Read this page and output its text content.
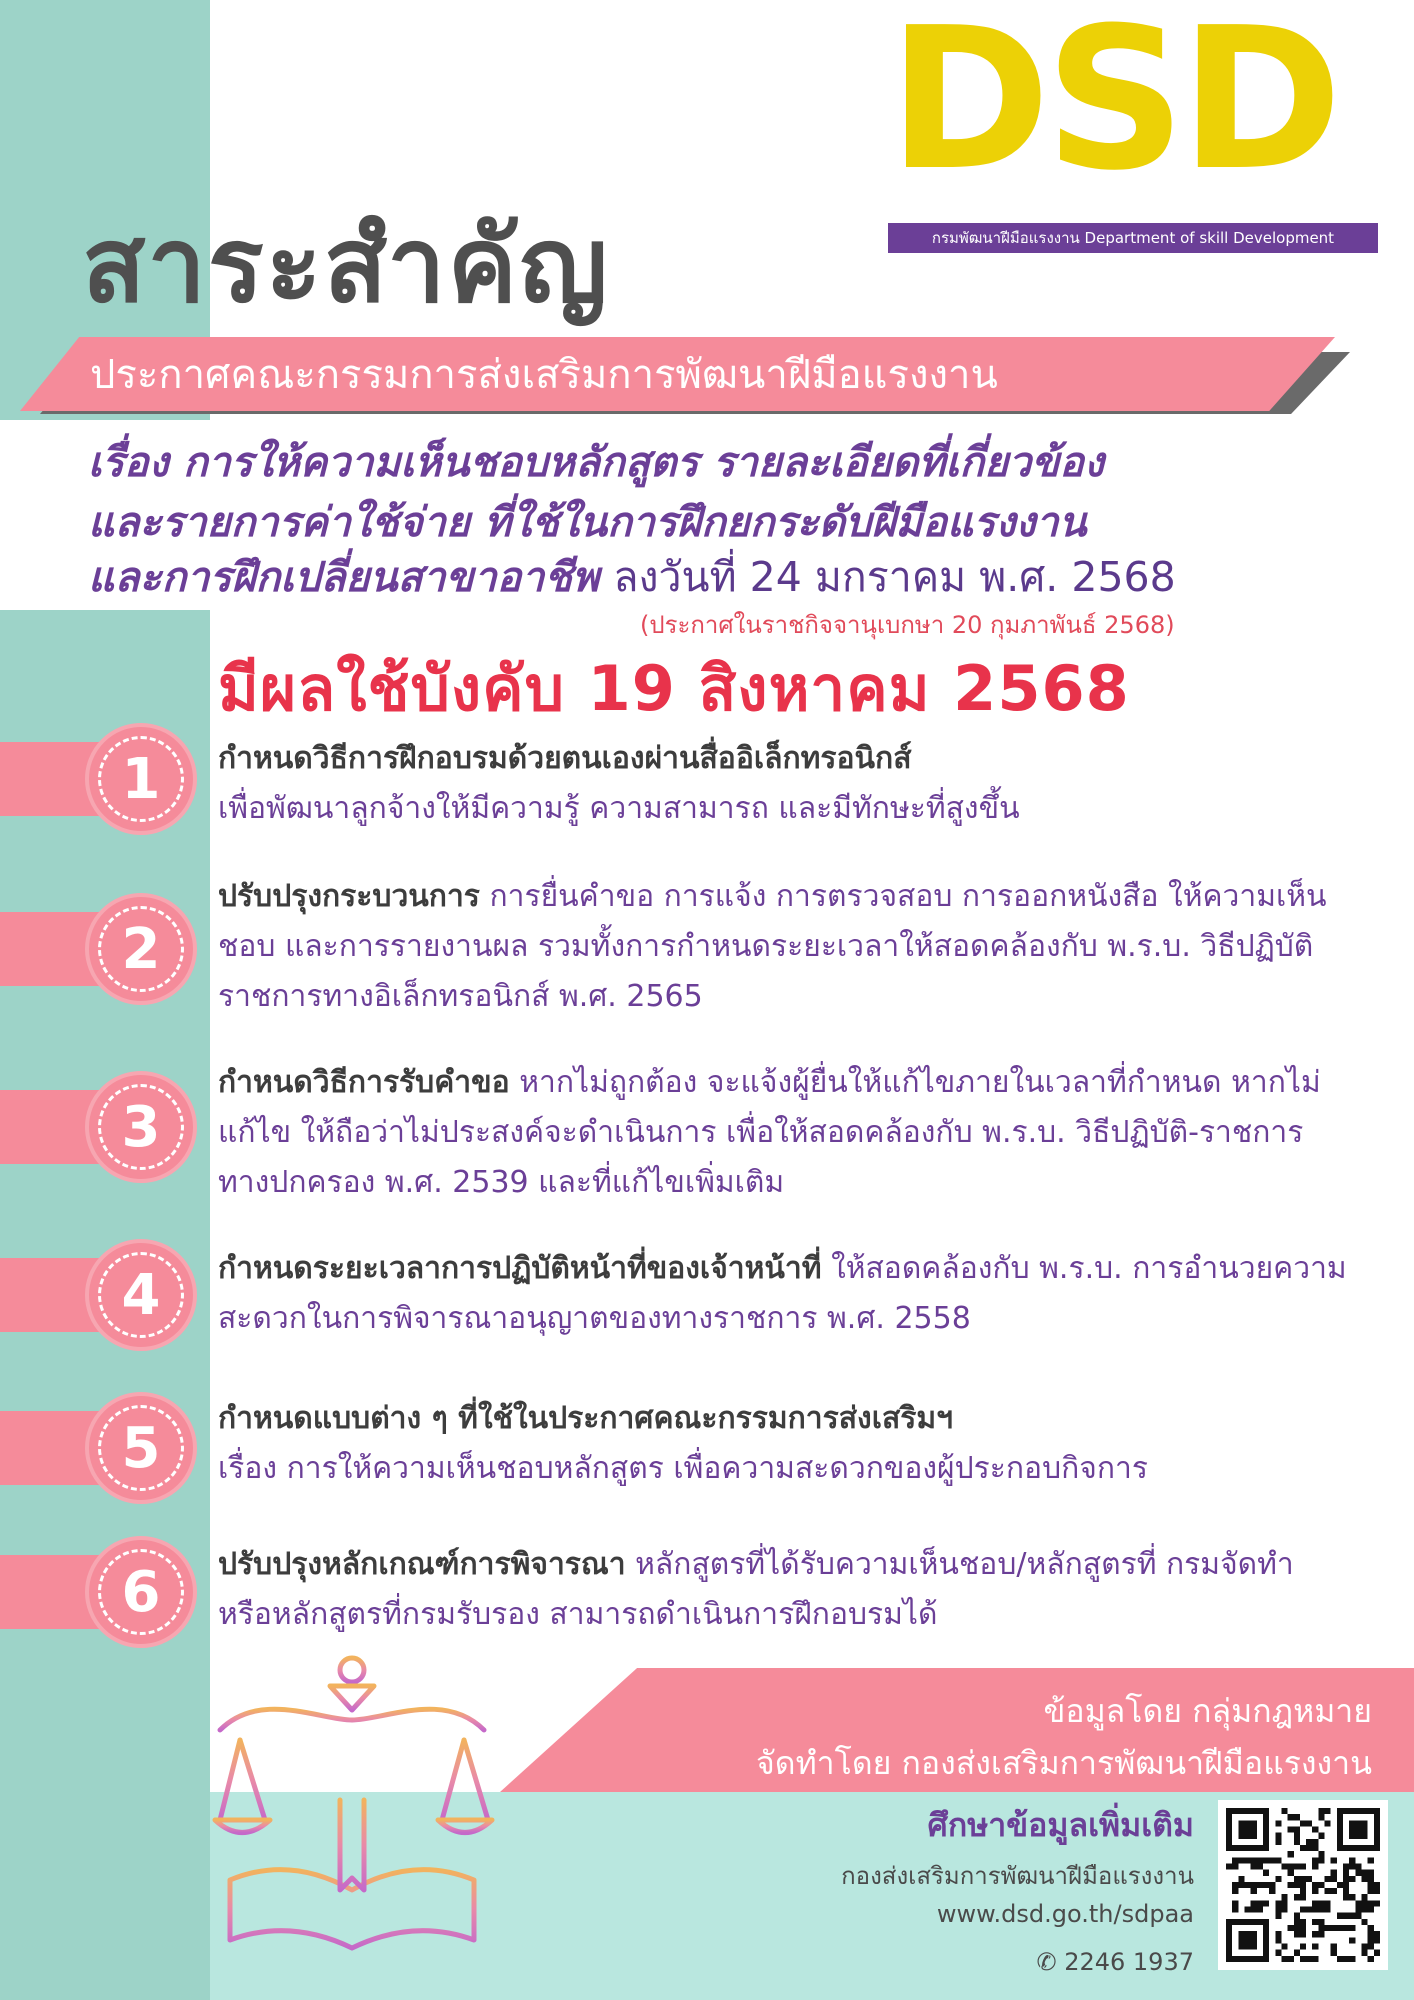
DSD
กรมพัฒนาฝีมือแรงงาน Department of skill Development
สาระสำคัญ
ประกาศคณะกรรมการส่งเสริมการพัฒนาฝีมือแรงงาน
เรื่อง การให้ความเห็นชอบหลักสูตร รายละเอียดที่เกี่ยวข้อง
และรายการค่าใช้จ่าย ที่ใช้ในการฝึกยกระดับฝีมือแรงงาน
และการฝึกเปลี่ยนสาขาอาชีพ ลงวันที่ 24 มกราคม พ.ศ. 2568
(ประกาศในราชกิจจานุเบกษา 20 กุมภาพันธ์ 2568)
มีผลใช้บังคับ 19 สิงหาคม 2568
1	กำหนดวิธีการฝึกอบรมด้วยตนเองผ่านสื่ออิเล็กทรอนิกส์
เพื่อพัฒนาลูกจ้างให้มีความรู้ ความสามารถ และมีทักษะที่สูงขึ้น
2
ปรับปรุงกระบวนการ การยื่นคำขอ การแจ้ง การตรวจสอบ การออกหนังสือ ให้ความเห็นชอบ และการรายงานผล รวมทั้งการกำหนดระยะเวลาให้สอดคล้องกับ พ.ร.บ. วิธีปฏิบัติราชการทางอิเล็กทรอนิกส์ พ.ศ. 2565
3
กำหนดวิธีการรับคำขอ หากไม่ถูกต้อง จะแจ้งผู้ยื่นให้แก้ไขภายในเวลาที่กำหนด หากไม่แก้ไข ให้ถือว่าไม่ประสงค์จะดำเนินการ เพื่อให้สอดคล้องกับ พ.ร.บ. วิธีปฏิบัติ-ราชการทางปกครอง พ.ศ. 2539 และที่แก้ไขเพิ่มเติม
4	กำหนดระยะเวลาการปฏิบัติหน้าที่ของเจ้าหน้าที่ ให้สอดคล้องกับ พ.ร.บ. การอำนวยความสะดวกในการพิจารณาอนุญาตของทางราชการ พ.ศ. 2558
5	กำหนดแบบต่าง ๆ ที่ใช้ในประกาศคณะกรรมการส่งเสริมฯ
เรื่อง การให้ความเห็นชอบหลักสูตร เพื่อความสะดวกของผู้ประกอบกิจการ
6	ปรับปรุงหลักเกณฑ์การพิจารณา หลักสูตรที่ได้รับความเห็นชอบ/หลักสูตรที่ กรมจัดทำ หรือหลักสูตรที่กรมรับรอง สามารถดำเนินการฝึกอบรมได้
ข้อมูลโดย กลุ่มกฎหมาย
จัดทำโดย กองส่งเสริมการพัฒนาฝีมือแรงงาน
ศึกษาข้อมูลเพิ่มเติม
กองส่งเสริมการพัฒนาฝีมือแรงงาน
www.dsd.go.th/sdpaa
✆ 2246 1937
